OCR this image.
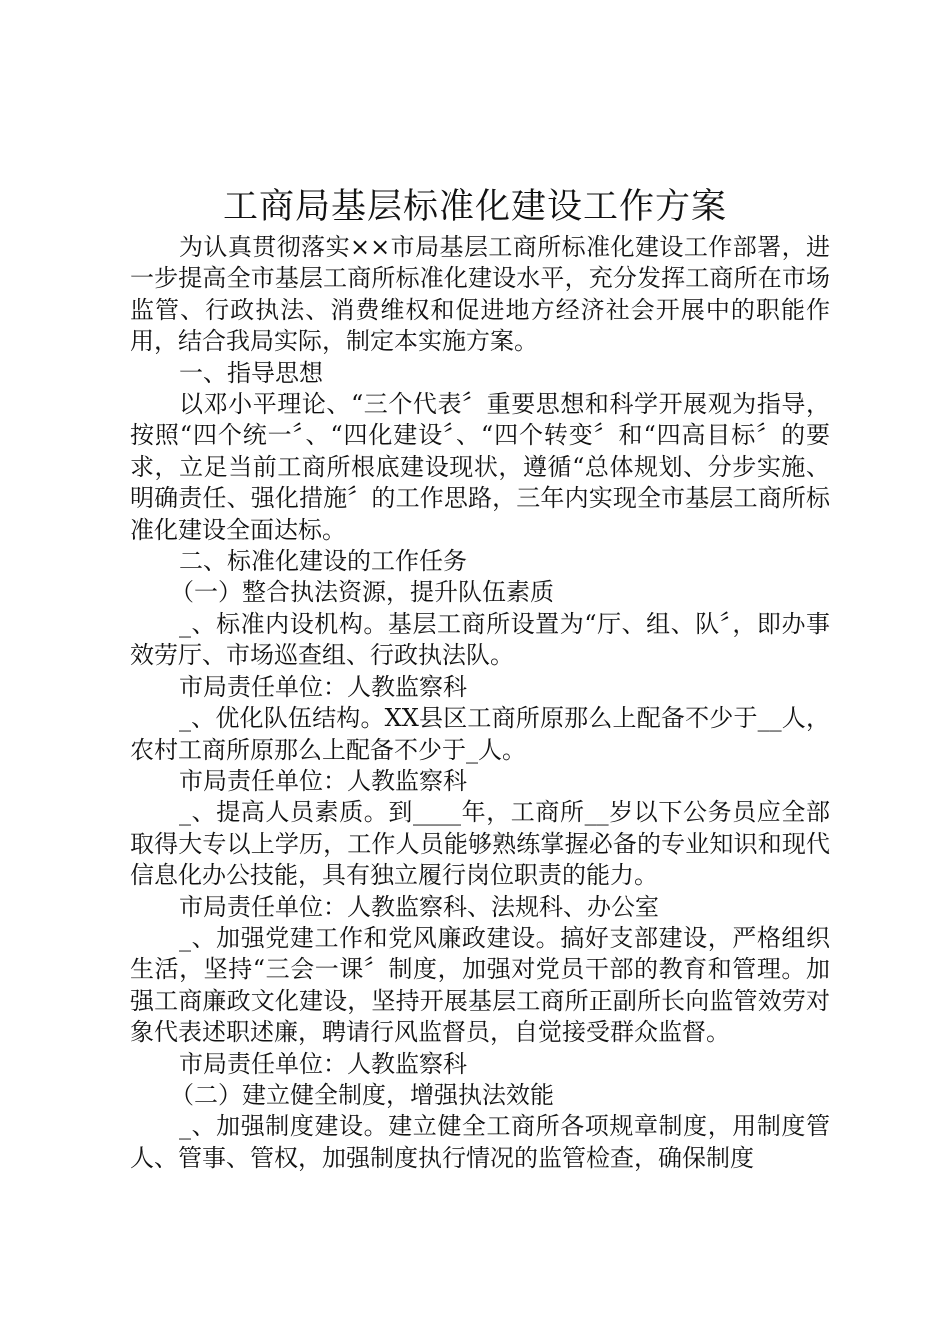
工商局基层标准化建设工作方案

为认真贯彻落实××市局基层工商所标准化建设工作部署，进一步提高全市基层工商所标准化建设水平，充分发挥工商所在市场监管、行政执法、消费维权和促进地方经济社会开展中的职能作用，结合我局实际，制定本实施方案。

一、指导思想

以邓小平理论、“三个代表〞重要思想和科学开展观为指导，按照“四个统一〞、“四化建设〞、“四个转变〞和“四高目标〞的要求，立足当前工商所根底建设现状，遵循“总体规划、分步实施、明确责任、强化措施〞的工作思路，三年内实现全市基层工商所标准化建设全面达标。

二、标准化建设的工作任务

（一）整合执法资源，提升队伍素质

_、标准内设机构。基层工商所设置为“厅、组、队〞，即办事效劳厅、市场巡查组、行政执法队。

市局责任单位：人教监察科

_、优化队伍结构。XX县区工商所原那么上配备不少于__人，农村工商所原那么上配备不少于_人。

市局责任单位：人教监察科

_、提高人员素质。到____年，工商所__岁以下公务员应全部取得大专以上学历，工作人员能够熟练掌握必备的专业知识和现代信息化办公技能，具有独立履行岗位职责的能力。

市局责任单位：人教监察科、法规科、办公室

_、加强党建工作和党风廉政建设。搞好支部建设，严格组织生活，坚持“三会一课〞制度，加强对党员干部的教育和管理。加强工商廉政文化建设，坚持开展基层工商所正副所长向监管效劳对象代表述职述廉，聘请行风监督员，自觉接受群众监督。

市局责任单位：人教监察科

（二）建立健全制度，增强执法效能

_、加强制度建设。建立健全工商所各项规章制度，用制度管人、管事、管权，加强制度执行情况的监管检查，确保制度
